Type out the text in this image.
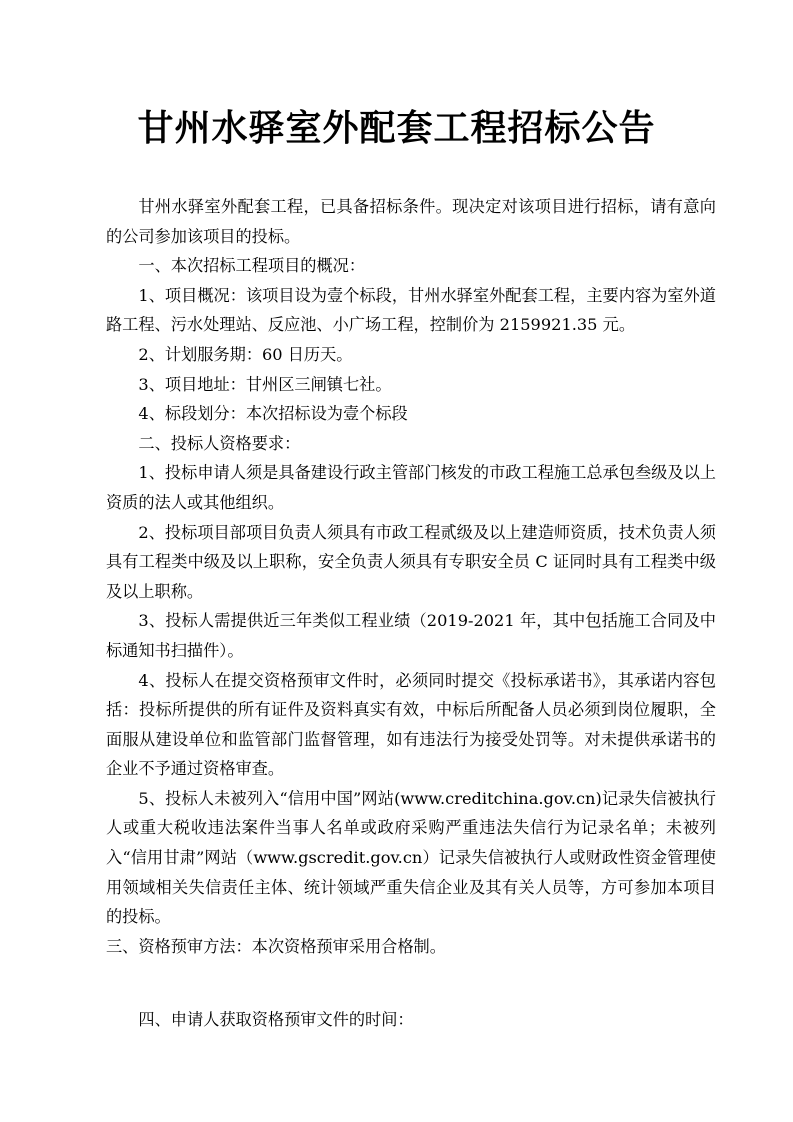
甘州水驿室外配套工程招标公告

甘州水驿室外配套工程，已具备招标条件。现决定对该项目进行招标，请有意向的公司参加该项目的投标。

一、本次招标工程项目的概况：

1、项目概况：该项目设为壹个标段，甘州水驿室外配套工程，主要内容为室外道路工程、污水处理站、反应池、小广场工程，控制价为 2159921.35 元。

2、计划服务期：60 日历天。

3、项目地址：甘州区三闸镇七社。

4、标段划分：本次招标设为壹个标段

二、投标人资格要求：

1、投标申请人须是具备建设行政主管部门核发的市政工程施工总承包叁级及以上资质的法人或其他组织。

2、投标项目部项目负责人须具有市政工程贰级及以上建造师资质，技术负责人须具有工程类中级及以上职称，安全负责人须具有专职安全员 C 证同时具有工程类中级及以上职称。

3、投标人需提供近三年类似工程业绩（2019-2021 年，其中包括施工合同及中标通知书扫描件）。

4、投标人在提交资格预审文件时，必须同时提交《投标承诺书》，其承诺内容包括：投标所提供的所有证件及资料真实有效，中标后所配备人员必须到岗位履职，全面服从建设单位和监管部门监督管理，如有违法行为接受处罚等。对未提供承诺书的企业不予通过资格审查。

5、投标人未被列入“信用中国”网站(www.creditchina.gov.cn)记录失信被执行人或重大税收违法案件当事人名单或政府采购严重违法失信行为记录名单；未被列入“信用甘肃”网站（www.gscredit.gov.cn）记录失信被执行人或财政性资金管理使用领域相关失信责任主体、统计领域严重失信企业及其有关人员等，方可参加本项目的投标。

三、资格预审方法：本次资格预审采用合格制。

四、申请人获取资格预审文件的时间：
